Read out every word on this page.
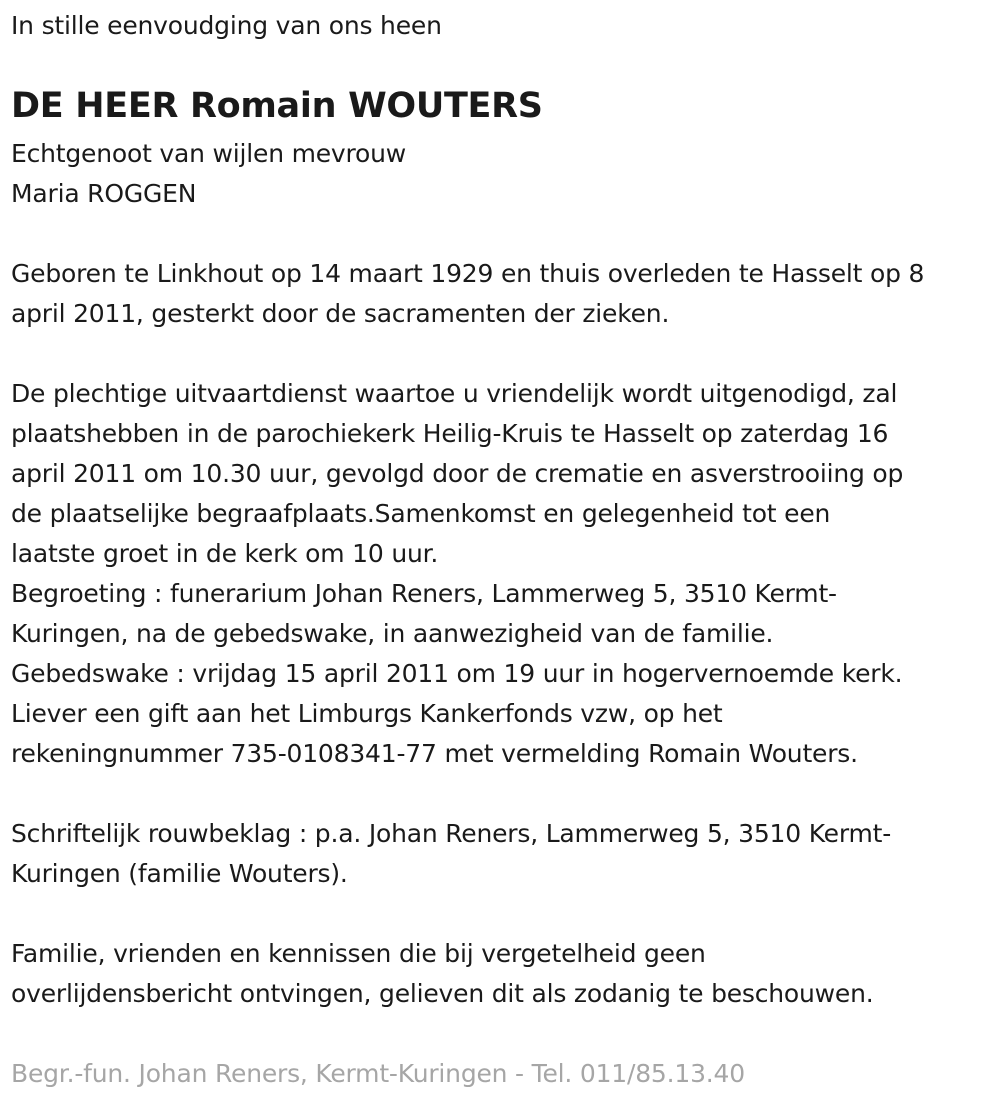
In stille eenvoudging van ons heen

DE HEER Romain WOUTERS

Echtgenoot van wijlen mevrouw

Maria ROGGEN

Geboren te Linkhout op 14 maart 1929 en thuis overleden te Hasselt op 8

april 2011, gesterkt door de sacramenten der zieken.

De plechtige uitvaartdienst waartoe u vriendelijk wordt uitgenodigd, zal

plaatshebben in de parochiekerk Heilig-Kruis te Hasselt op zaterdag 16

april 2011 om 10.30 uur, gevolgd door de crematie en asverstrooiing op

de plaatselijke begraafplaats.Samenkomst en gelegenheid tot een

laatste groet in de kerk om 10 uur.

Begroeting : funerarium Johan Reners, Lammerweg 5, 3510 Kermt-

Kuringen, na de gebedswake, in aanwezigheid van de familie.

Gebedswake : vrijdag 15 april 2011 om 19 uur in hogervernoemde kerk.

Liever een gift aan het Limburgs Kankerfonds vzw, op het

rekeningnummer 735-0108341-77 met vermelding Romain Wouters.

Schriftelijk rouwbeklag : p.a. Johan Reners, Lammerweg 5, 3510 Kermt-

Kuringen (familie Wouters).

Familie, vrienden en kennissen die bij vergetelheid geen

overlijdensbericht ontvingen, gelieven dit als zodanig te beschouwen.

Begr.-fun. Johan Reners, Kermt-Kuringen - Tel. 011/85.13.40
